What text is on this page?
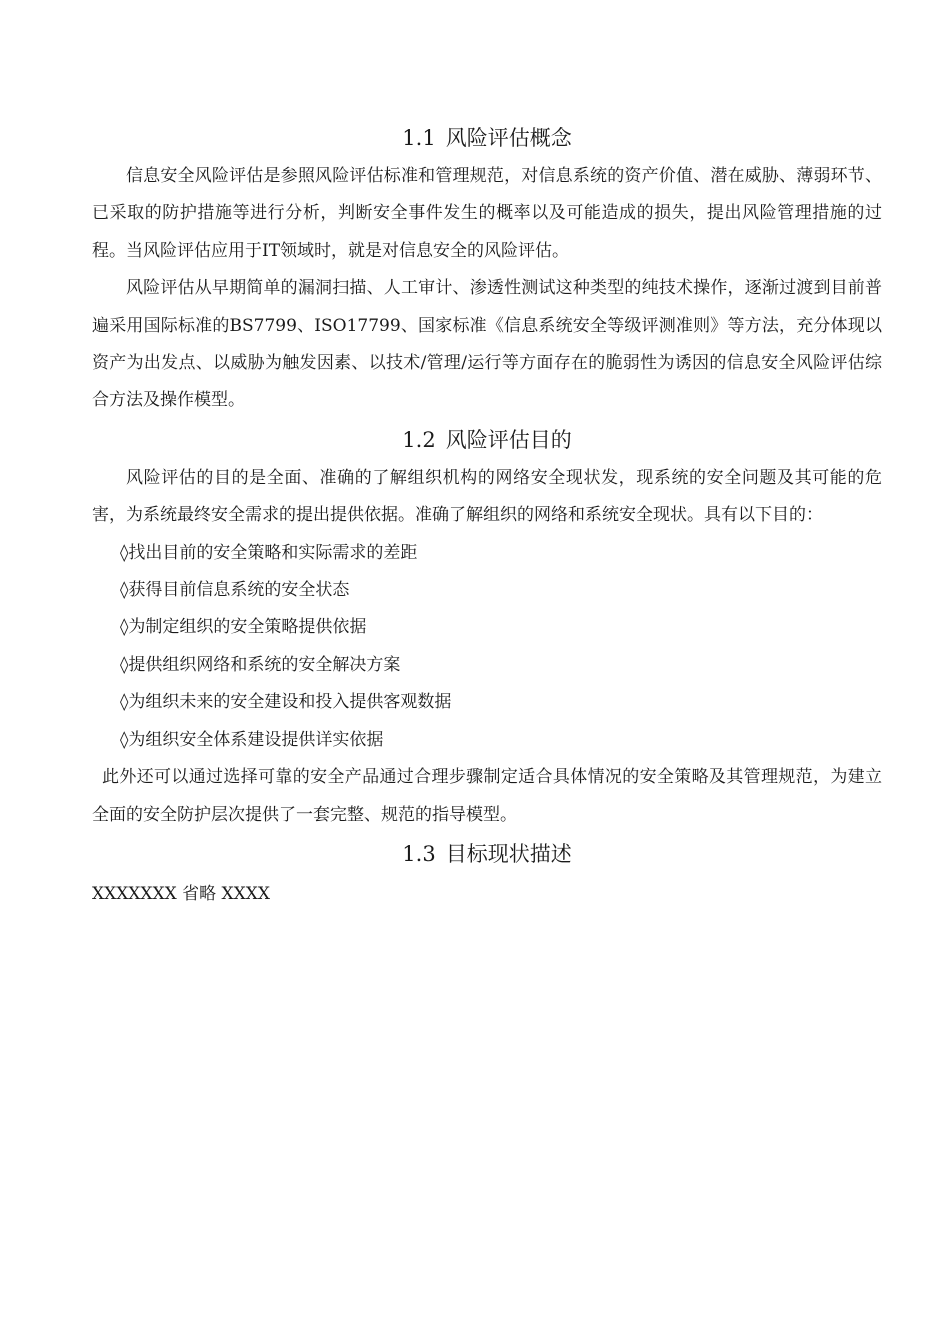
1.1 风险评估概念

信息安全风险评估是参照风险评估标准和管理规范，对信息系统的资产价值、潜在威胁、薄弱环节、已采取的防护措施等进行分析，判断安全事件发生的概率以及可能造成的损失，提出风险管理措施的过程。当风险评估应用于IT领域时，就是对信息安全的风险评估。

风险评估从早期简单的漏洞扫描、人工审计、渗透性测试这种类型的纯技术操作，逐渐过渡到目前普遍采用国际标准的BS7799、ISO17799、国家标准《信息系统安全等级评测准则》等方法，充分体现以资产为出发点、以威胁为触发因素、以技术/管理/运行等方面存在的脆弱性为诱因的信息安全风险评估综合方法及操作模型。

1.2 风险评估目的

风险评估的目的是全面、准确的了解组织机构的网络安全现状发，现系统的安全问题及其可能的危害，为系统最终安全需求的提出提供依据。准确了解组织的网络和系统安全现状。具有以下目的：

◊找出目前的安全策略和实际需求的差距
◊获得目前信息系统的安全状态
◊为制定组织的安全策略提供依据
◊提供组织网络和系统的安全解决方案
◊为组织未来的安全建设和投入提供客观数据
◊为组织安全体系建设提供详实依据

此外还可以通过选择可靠的安全产品通过合理步骤制定适合具体情况的安全策略及其管理规范，为建立全面的安全防护层次提供了一套完整、规范的指导模型。

1.3 目标现状描述

XXXXXXX 省略 XXXX
